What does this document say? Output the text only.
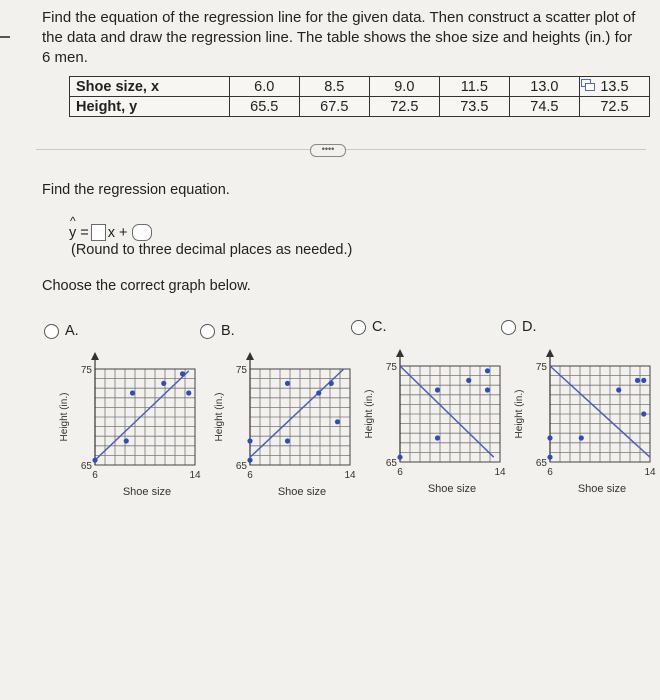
Find the equation of the regression line for the given data. Then construct a scatter plot of the data and draw the regression line. The table shows the shoe size and heights (in.) for 6 men.
Shoe size, x	6.0	8.5	9.0	11.5	13.0	13.5
Height, y	65.5	67.5	72.5	73.5	74.5	72.5
••••
Find the regression equation.
^ y = x +
(Round to three decimal places as needed.)
Choose the correct graph below.
A.	B.	C.	D.
75
65
6	14
Shoe size
Height (in.)
75
65
6	14
Shoe size
Height (in.)
75
65
6	14
Shoe size
Height (in.)
75
65
6	14
Shoe size
Height (in.)
